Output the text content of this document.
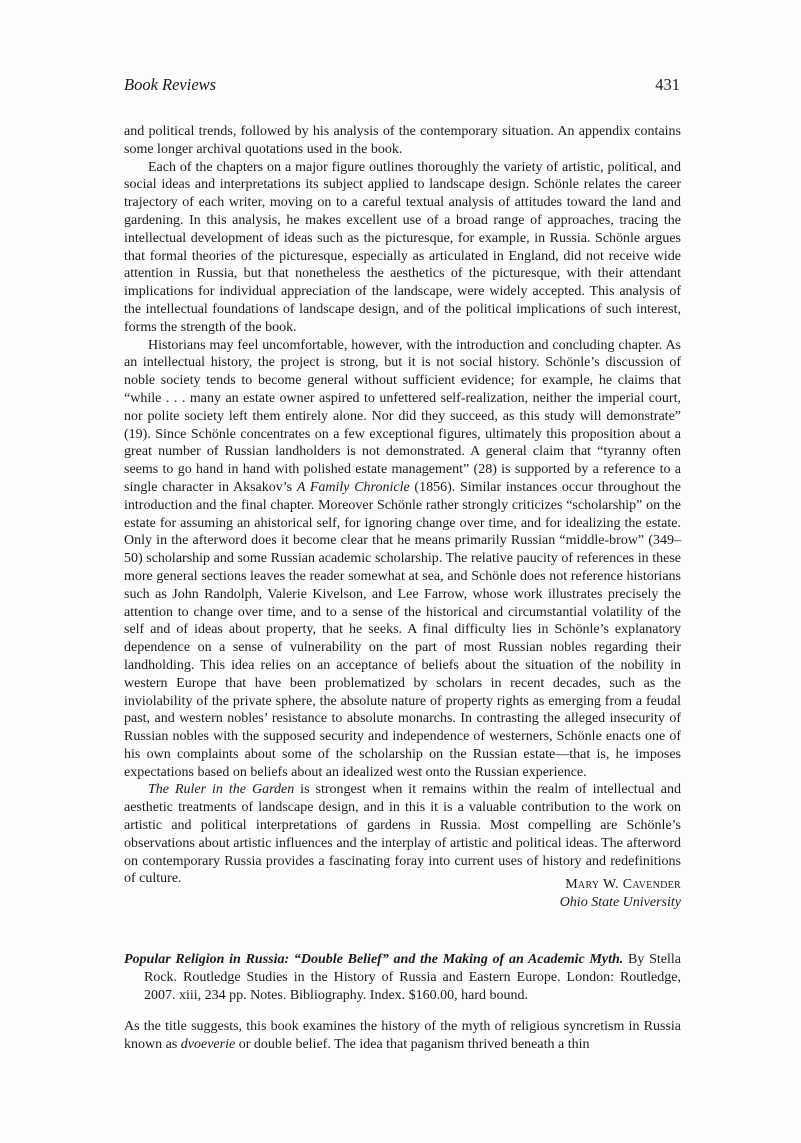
Book Reviews	431

and political trends, followed by his analysis of the contemporary situation. An appendix contains some longer archival quotations used in the book.

Each of the chapters on a major figure outlines thoroughly the variety of artistic, political, and social ideas and interpretations its subject applied to landscape design. Schönle relates the career trajectory of each writer, moving on to a careful textual analysis of attitudes toward the land and gardening. In this analysis, he makes excellent use of a broad range of approaches, tracing the intellectual development of ideas such as the picturesque, for example, in Russia. Schönle argues that formal theories of the picturesque, especially as articulated in England, did not receive wide attention in Russia, but that nonetheless the aesthetics of the picturesque, with their attendant implications for individual appreciation of the landscape, were widely accepted. This analysis of the intellectual foundations of landscape design, and of the political implications of such interest, forms the strength of the book.

Historians may feel uncomfortable, however, with the introduction and concluding chapter. As an intellectual history, the project is strong, but it is not social history. Schönle’s discussion of noble society tends to become general without sufficient evidence; for example, he claims that “while . . . many an estate owner aspired to unfettered self-realization, neither the imperial court, nor polite society left them entirely alone. Nor did they succeed, as this study will demonstrate” (19). Since Schönle concentrates on a few exceptional figures, ultimately this proposition about a great number of Russian landholders is not demonstrated. A general claim that “tyranny often seems to go hand in hand with polished estate management” (28) is supported by a reference to a single character in Aksakov’s A Family Chronicle (1856). Similar instances occur throughout the introduction and the final chapter. Moreover Schönle rather strongly criticizes “scholarship” on the estate for assuming an ahistorical self, for ignoring change over time, and for idealizing the estate. Only in the afterword does it become clear that he means primarily Russian “middle-brow” (349–50) scholarship and some Russian academic scholarship. The relative paucity of references in these more general sections leaves the reader somewhat at sea, and Schönle does not reference historians such as John Randolph, Valerie Kivelson, and Lee Farrow, whose work illustrates precisely the attention to change over time, and to a sense of the historical and circumstantial volatility of the self and of ideas about property, that he seeks. A final difficulty lies in Schönle’s explanatory dependence on a sense of vulnerability on the part of most Russian nobles regarding their landholding. This idea relies on an acceptance of beliefs about the situation of the nobility in western Europe that have been problematized by scholars in recent decades, such as the inviolability of the private sphere, the absolute nature of property rights as emerging from a feudal past, and western nobles’ resistance to absolute monarchs. In contrasting the alleged insecurity of Russian nobles with the supposed security and independence of westerners, Schönle enacts one of his own complaints about some of the scholarship on the Russian estate—that is, he imposes expectations based on beliefs about an idealized west onto the Russian experience.

The Ruler in the Garden is strongest when it remains within the realm of intellectual and aesthetic treatments of landscape design, and in this it is a valuable contribution to the work on artistic and political interpretations of gardens in Russia. Most compelling are Schönle’s observations about artistic influences and the interplay of artistic and political ideas. The afterword on contemporary Russia provides a fascinating foray into current uses of history and redefinitions of culture.	Mary W. Cavender
Ohio State University
Popular Religion in Russia: “Double Belief” and the Making of an Academic Myth. By Stella Rock. Routledge Studies in the History of Russia and Eastern Europe. London: Routledge, 2007. xiii, 234 pp. Notes. Bibliography. Index. $160.00, hard bound.

As the title suggests, this book examines the history of the myth of religious syncretism in Russia known as dvoeverie or double belief. The idea that paganism thrived beneath a thin
